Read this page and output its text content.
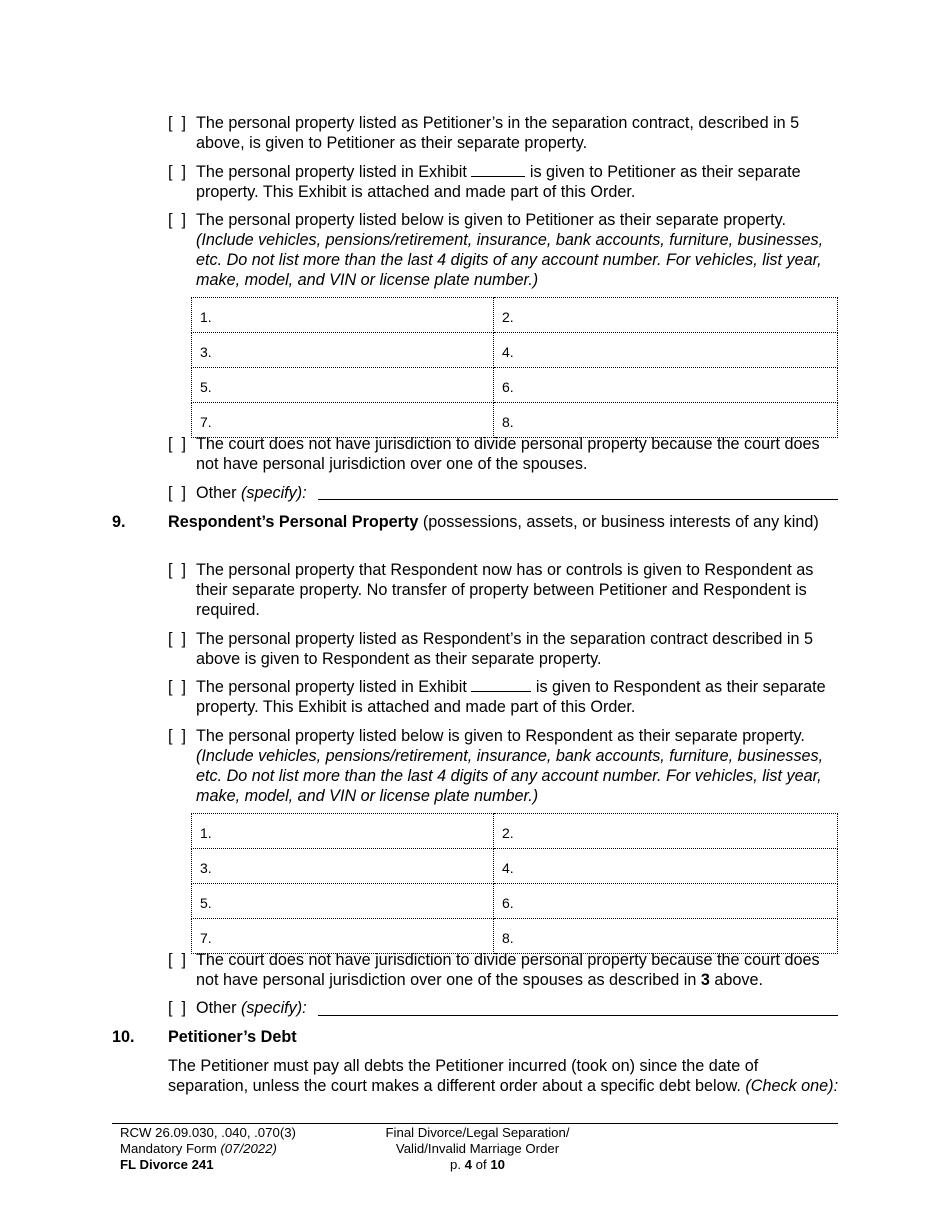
[  ] The personal property listed as Petitioner’s in the separation contract, described in 5 above, is given to Petitioner as their separate property.
[  ] The personal property listed in Exhibit	is given to Petitioner as their separate property. This Exhibit is attached and made part of this Order.
[  ] The personal property listed below is given to Petitioner as their separate property.
(Include vehicles, pensions/retirement, insurance, bank accounts, furniture, businesses, etc. Do not list more than the last 4 digits of any account number. For vehicles, list year, make, model, and VIN or license plate number.)
1.	2.
3.	4.
5.	6.
7.	8.
[  ] The court does not have jurisdiction to divide personal property because the court does not have personal jurisdiction over one of the spouses.
[  ] Other (specify):
9.	Respondent’s Personal Property (possessions, assets, or business interests of any kind)
[  ] The personal property that Respondent now has or controls is given to Respondent as their separate property. No transfer of property between Petitioner and Respondent is required.
[  ] The personal property listed as Respondent’s in the separation contract described in 5 above is given to Respondent as their separate property.
[  ] The personal property listed in Exhibit	is given to Respondent as their separate property. This Exhibit is attached and made part of this Order.
[  ] The personal property listed below is given to Respondent as their separate property.
(Include vehicles, pensions/retirement, insurance, bank accounts, furniture, businesses, etc. Do not list more than the last 4 digits of any account number. For vehicles, list year, make, model, and VIN or license plate number.)
1.	2.
3.	4.
5.	6.
7.	8.
[  ] The court does not have jurisdiction to divide personal property because the court does not have personal jurisdiction over one of the spouses as described in 3 above.
[  ] Other (specify):
10. Petitioner’s Debt
The Petitioner must pay all debts the Petitioner incurred (took on) since the date of separation, unless the court makes a different order about a specific debt below. (Check one):
RCW 26.09.030, .040, .070(3)
Mandatory Form (07/2022)
FL Divorce 241
Final Divorce/Legal Separation/
Valid/Invalid Marriage Order
p. 4 of 10
